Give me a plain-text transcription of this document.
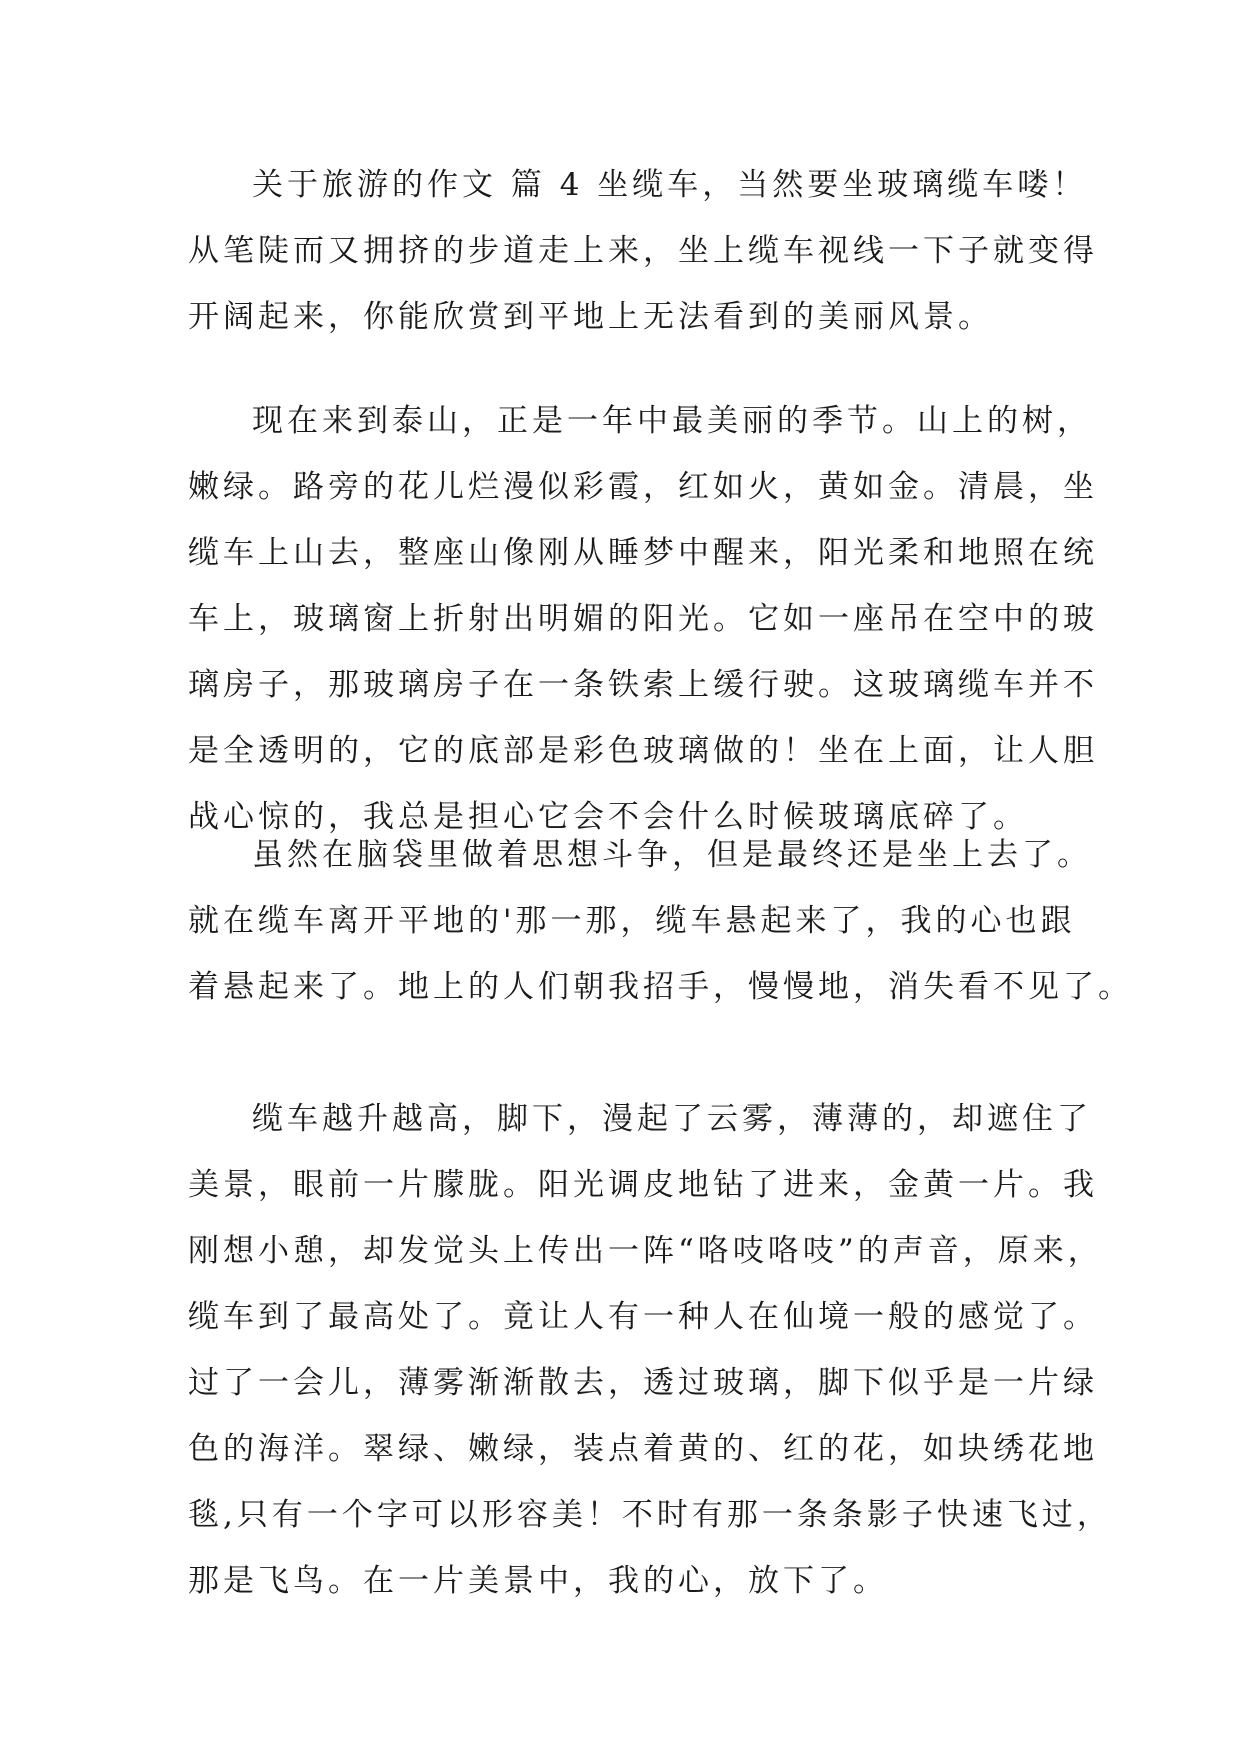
关于旅游的作文 篇 4 坐缆车，当然要坐玻璃缆车喽！
从笔陡而又拥挤的步道走上来，坐上缆车视线一下子就变得
开阔起来，你能欣赏到平地上无法看到的美丽风景。
现在来到泰山，正是一年中最美丽的季节。山上的树，
嫩绿。路旁的花儿烂漫似彩霞，红如火，黄如金。清晨，坐
缆车上山去，整座山像刚从睡梦中醒来，阳光柔和地照在统
车上，玻璃窗上折射出明媚的阳光。它如一座吊在空中的玻
璃房子，那玻璃房子在一条铁索上缓行驶。这玻璃缆车并不
是全透明的，它的底部是彩色玻璃做的！坐在上面，让人胆
战心惊的，我总是担心它会不会什么时候玻璃底碎了。
虽然在脑袋里做着思想斗争，但是最终还是坐上去了。
就在缆车离开平地的'那一那，缆车悬起来了，我的心也跟
着悬起来了。地上的人们朝我招手，慢慢地，消失看不见了。
缆车越升越高，脚下，漫起了云雾，薄薄的，却遮住了
美景，眼前一片朦胧。阳光调皮地钻了进来，金黄一片。我
刚想小憩，却发觉头上传出一阵“咯吱咯吱”的声音，原来，
缆车到了最高处了。竟让人有一种人在仙境一般的感觉了。
过了一会儿，薄雾渐渐散去，透过玻璃，脚下似乎是一片绿
色的海洋。翠绿、嫩绿，装点着黄的、红的花，如块绣花地
毯,只有一个字可以形容美！不时有那一条条影子快速飞过，
那是飞鸟。在一片美景中，我的心，放下了。
